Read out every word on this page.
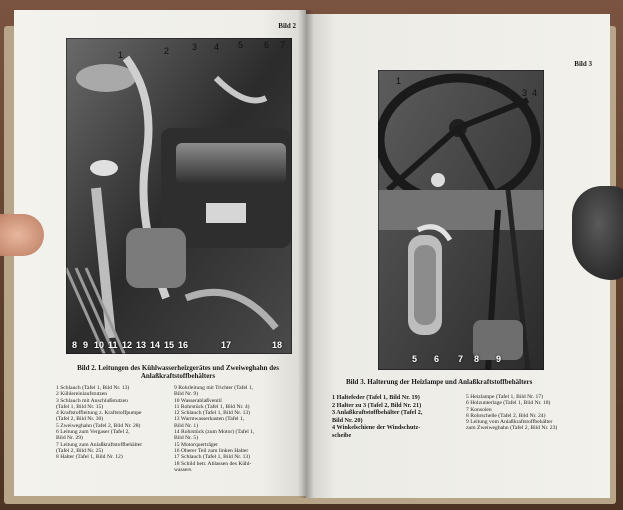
Bild 2
1	2	3 4 5 6 7
8 9 10 11 12 13 14 15 16	17	18
Bild 2. Leitungen des Kühlwasserheizgerätes und Zweiweghahn des
Anlaßkraftstoffbehälters
1 Schlauch (Tafel 1, Bild Nr. 13)
2 Kühlereinlaufstutzen
3 Schlauch mit Anschlußstutzen
(Tafel 1, Bild Nr. 15)
4 Kraftstoffleitung z. Kraftstoffpumpe
(Tafel 2, Bild Nr. 30)
5 Zweiweghahn (Tafel 2, Bild Nr. 28)
6 Leitung zum Vergaser (Tafel 2,
Bild Nr. 29)
7 Leitung zum Anlaßkraftstoffbehälter
(Tafel 2, Bild Nr. 25)
8 Halter (Tafel 1, Bild Nr. 12)
9 Rohrleitung mit Trichter (Tafel 1,
Bild Nr. 9)
10 Wasserablaßventil
11 Rohrstück (Tafel 1, Bild Nr. 4)
12 Schlauch (Tafel 1, Bild Nr. 13)
13 Warmwasserkasten (Tafel 1,
Bild Nr. 1)
14 Rohrstück (zum Motor) (Tafel 1,
Bild Nr. 5)
15 Motorquerträger
16 Oberer Teil zum linken Halter
17 Schlauch (Tafel 1, Bild Nr. 13)
18 Schild betr. Ablassen des Kühl-
wassers
Bild 3
1	2
3 4
5 6 7 8 9
Bild 3. Halterung der Heizlampe und Anlaßkraftstoffbehälters
1 Haltefeder (Tafel 1, Bild Nr. 19)
2 Halter zu 3 (Tafel 2, Bild Nr. 21)
3 Anlaßkraftstoffbehälter (Tafel 2,
Bild Nr. 20)
4 Winkelschiene der Windschutz-
scheibe
5 Heizlampe (Tafel 1, Bild Nr. 17)
6 Holzunterlage (Tafel 1, Bild Nr. 18)
7 Konsolen
8 Rohrschelle (Tafel 2, Bild Nr. 24)
9 Leitung vom Anlaßkraftstoffbehälter
zum Zweiweghahn (Tafel 2, Bild Nr. 23)
